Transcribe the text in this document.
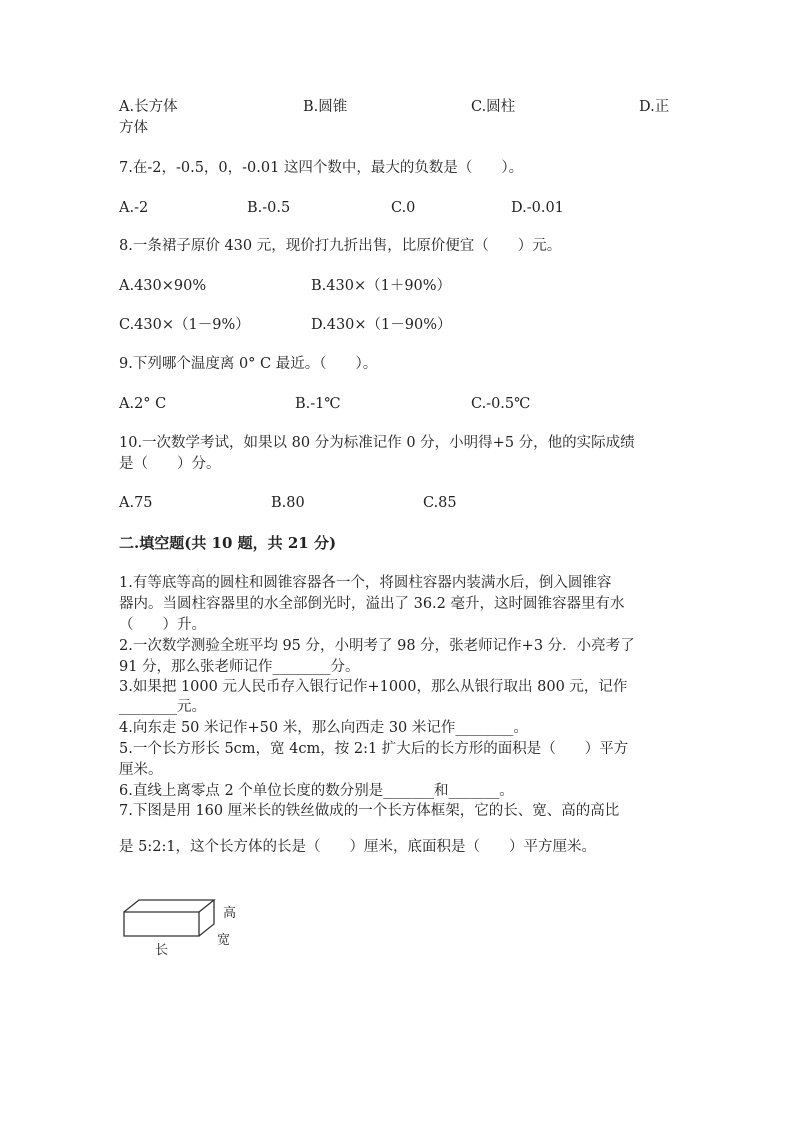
A.长方体	B.圆锥	C.圆柱	D.正
方体
7.在-2，-0.5，0，-0.01 这四个数中，最大的负数是（　　）。
A.-2	B.-0.5	C.0	D.-0.01
8.一条裙子原价 430 元，现价打九折出售，比原价便宜（　　）元。
A.430×90%	B.430×（1＋90%）
C.430×（1－9%）	D.430×（1－90%）
9.下列哪个温度离 0° C 最近。（　　）。
A.2° C	B.-1℃	C.-0.5℃
10.一次数学考试，如果以 80 分为标准记作 0 分，小明得+5 分，他的实际成绩
是（　　）分。
A.75	B.80	C.85
二.填空题(共 10 题，共 21 分)
1.有等底等高的圆柱和圆锥容器各一个，将圆柱容器内装满水后，倒入圆锥容
器内。当圆柱容器里的水全部倒光时，溢出了 36.2 毫升，这时圆锥容器里有水
（　　）升。
2.一次数学测验全班平均 95 分，小明考了 98 分，张老师记作+3 分．小亮考了
91 分，那么张老师记作________分。
3.如果把 1000 元人民币存入银行记作+1000，那么从银行取出 800 元，记作
________元。
4.向东走 50 米记作+50 米，那么向西走 30 米记作________。
5.一个长方形长 5cm，宽 4cm，按 2:1 扩大后的长方形的面积是（　　）平方
厘米。
6.直线上离零点 2 个单位长度的数分别是_______和_______。
7.下图是用 160 厘米长的铁丝做成的一个长方体框架，它的长、宽、高的高比
是 5:2:1，这个长方体的长是（　　）厘米，底面积是（　　）平方厘米。
高
宽
长
